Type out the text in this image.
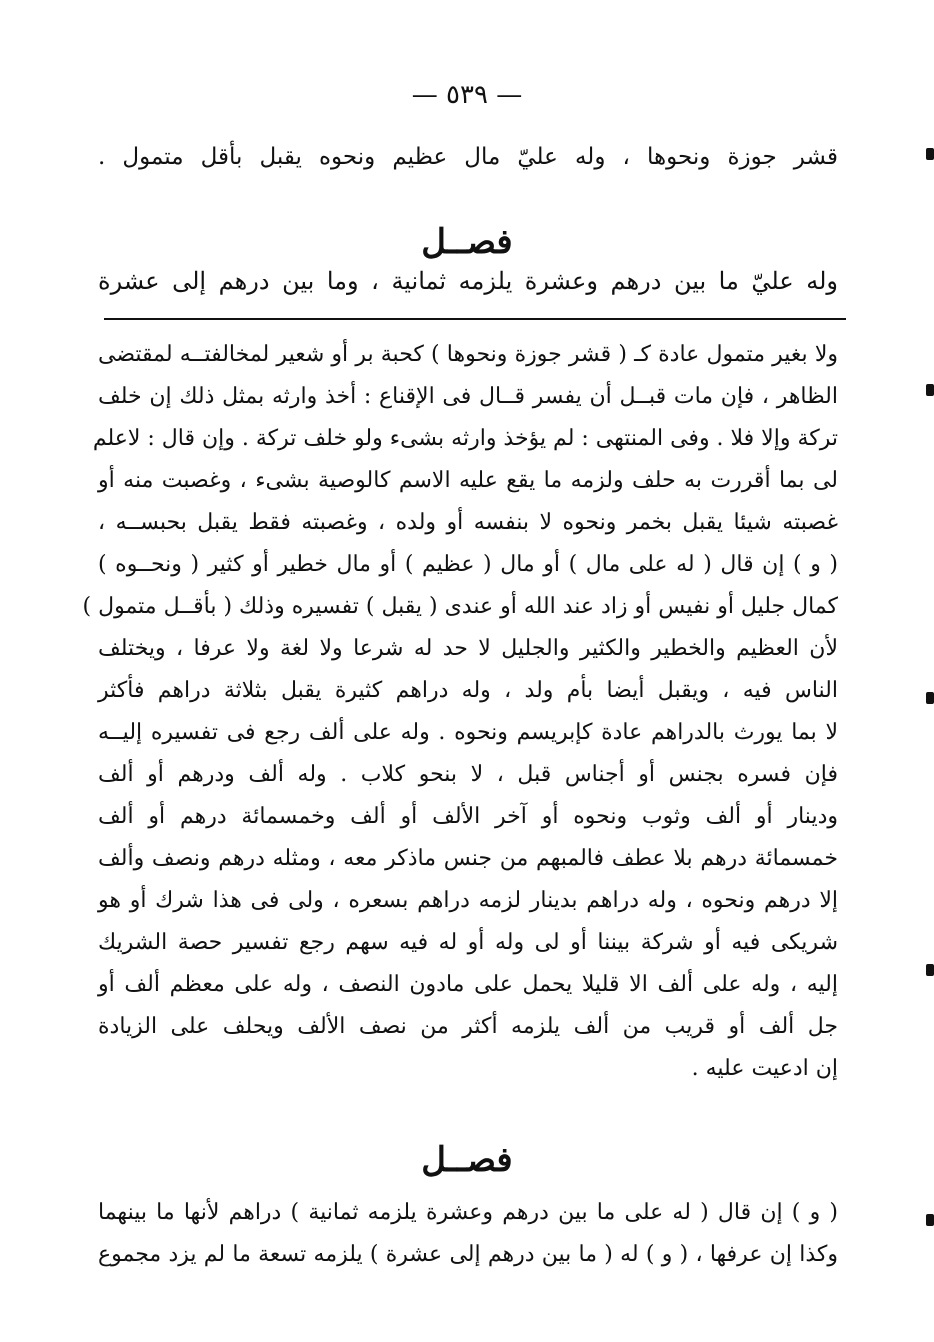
— ٥٣٩ —
قشر جوزة ونحوها ، وله عليّ مال عظيم ونحوه يقبل بأقل متمول .
فصــل
وله عليّ ما بين درهم وعشرة يلزمه ثمانية ، وما بين درهم إلى عشرة
ولا بغير متمول عادة كـ ( قشر جوزة ونحوها ) كحبة بر أو شعير لمخالفتــه لمقتضى
الظاهر ، فإن مات قبــل أن يفسر قــال فى الإقناع : أخذ وارثه بمثل ذلك إن خلف
تركة وإلا فلا . وفى المنتهى : لم يؤخذ وارثه بشىء ولو خلف تركة . وإن قال : لاعلم
لى بما أقررت به حلف ولزمه ما يقع عليه الاسم كالوصية بشىء ، وغصبت منه أو
غصبته شيئا يقبل بخمر ونحوه لا بنفسه أو ولده ، وغصبته فقط يقبل بحبســه ،
( و ) إن قال ( له على مال ) أو مال ( عظيم ) أو مال خطير أو كثير ( ونحــوه )
كمال جليل أو نفيس أو زاد عند الله أو عندى ( يقبل ) تفسيره وذلك ( بأقــل متمول )
لأن العظيم والخطير والكثير والجليل لا حد له شرعا ولا لغة ولا عرفا ، ويختلف
الناس فيه ، ويقبل أيضا بأم ولد ، وله دراهم كثيرة يقبل بثلاثة دراهم فأكثر
لا بما يورث بالدراهم عادة كإبريسم ونحوه . وله على ألف رجع فى تفسيره إليــه
فإن فسره بجنس أو أجناس قبل ، لا بنحو كلاب . وله ألف ودرهم أو ألف
ودينار أو ألف وثوب ونحوه أو آخر الألف أو ألف وخمسمائة درهم أو ألف
خمسمائة درهم بلا عطف فالمبهم من جنس ماذكر معه ، ومثله درهم ونصف وألف
إلا درهم ونحوه ، وله دراهم بدينار لزمه دراهم بسعره ، ولى فى هذا شرك أو هو
شريكى فيه أو شركة بيننا أو لى وله أو له فيه سهم رجع تفسير حصة الشريك
إليه ، وله على ألف الا قليلا يحمل على مادون النصف ، وله على معظم ألف أو
جل ألف أو قريب من ألف يلزمه أكثر من نصف الألف ويحلف على الزيادة
إن ادعيت عليه .
فصــل
( و ) إن قال ( له على ما بين درهم وعشرة يلزمه ثمانية ) دراهم لأنها ما بينهما
وكذا إن عرفها ، ( و ) له ( ما بين درهم إلى عشرة ) يلزمه تسعة ما لم يزد مجموع
